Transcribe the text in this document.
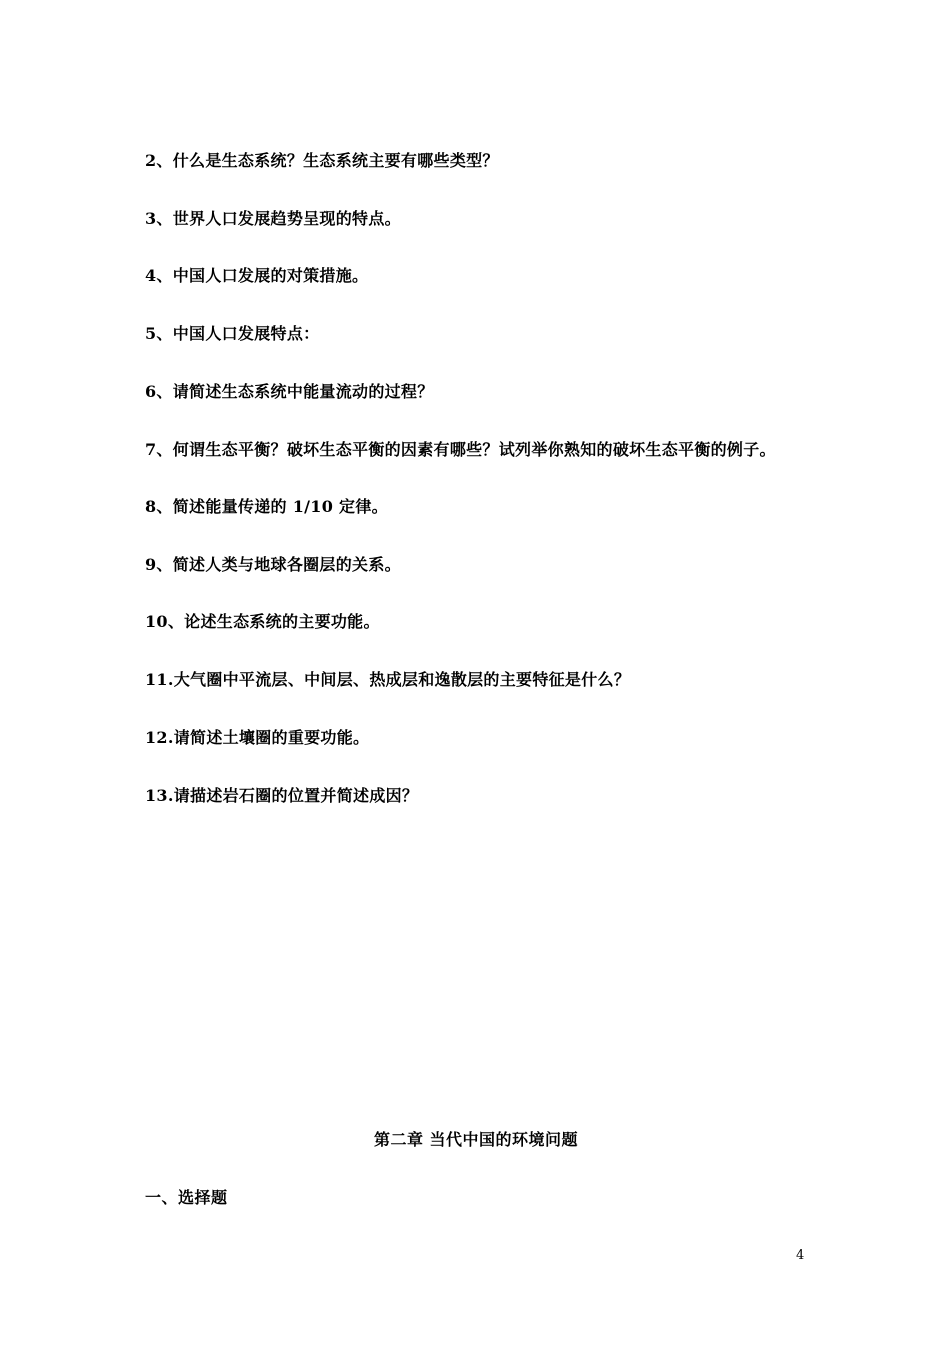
2、什么是生态系统？生态系统主要有哪些类型？
3、世界人口发展趋势呈现的特点。
4、中国人口发展的对策措施。
5、中国人口发展特点：
6、请简述生态系统中能量流动的过程？
7、何谓生态平衡？破坏生态平衡的因素有哪些？试列举你熟知的破坏生态平衡的例子。
8、简述能量传递的 1/10 定律。
9、简述人类与地球各圈层的关系。
10、论述生态系统的主要功能。
11.大气圈中平流层、中间层、热成层和逸散层的主要特征是什么？
12.请简述土壤圈的重要功能。
13.请描述岩石圈的位置并简述成因？
第二章 当代中国的环境问题
一、选择题
4
